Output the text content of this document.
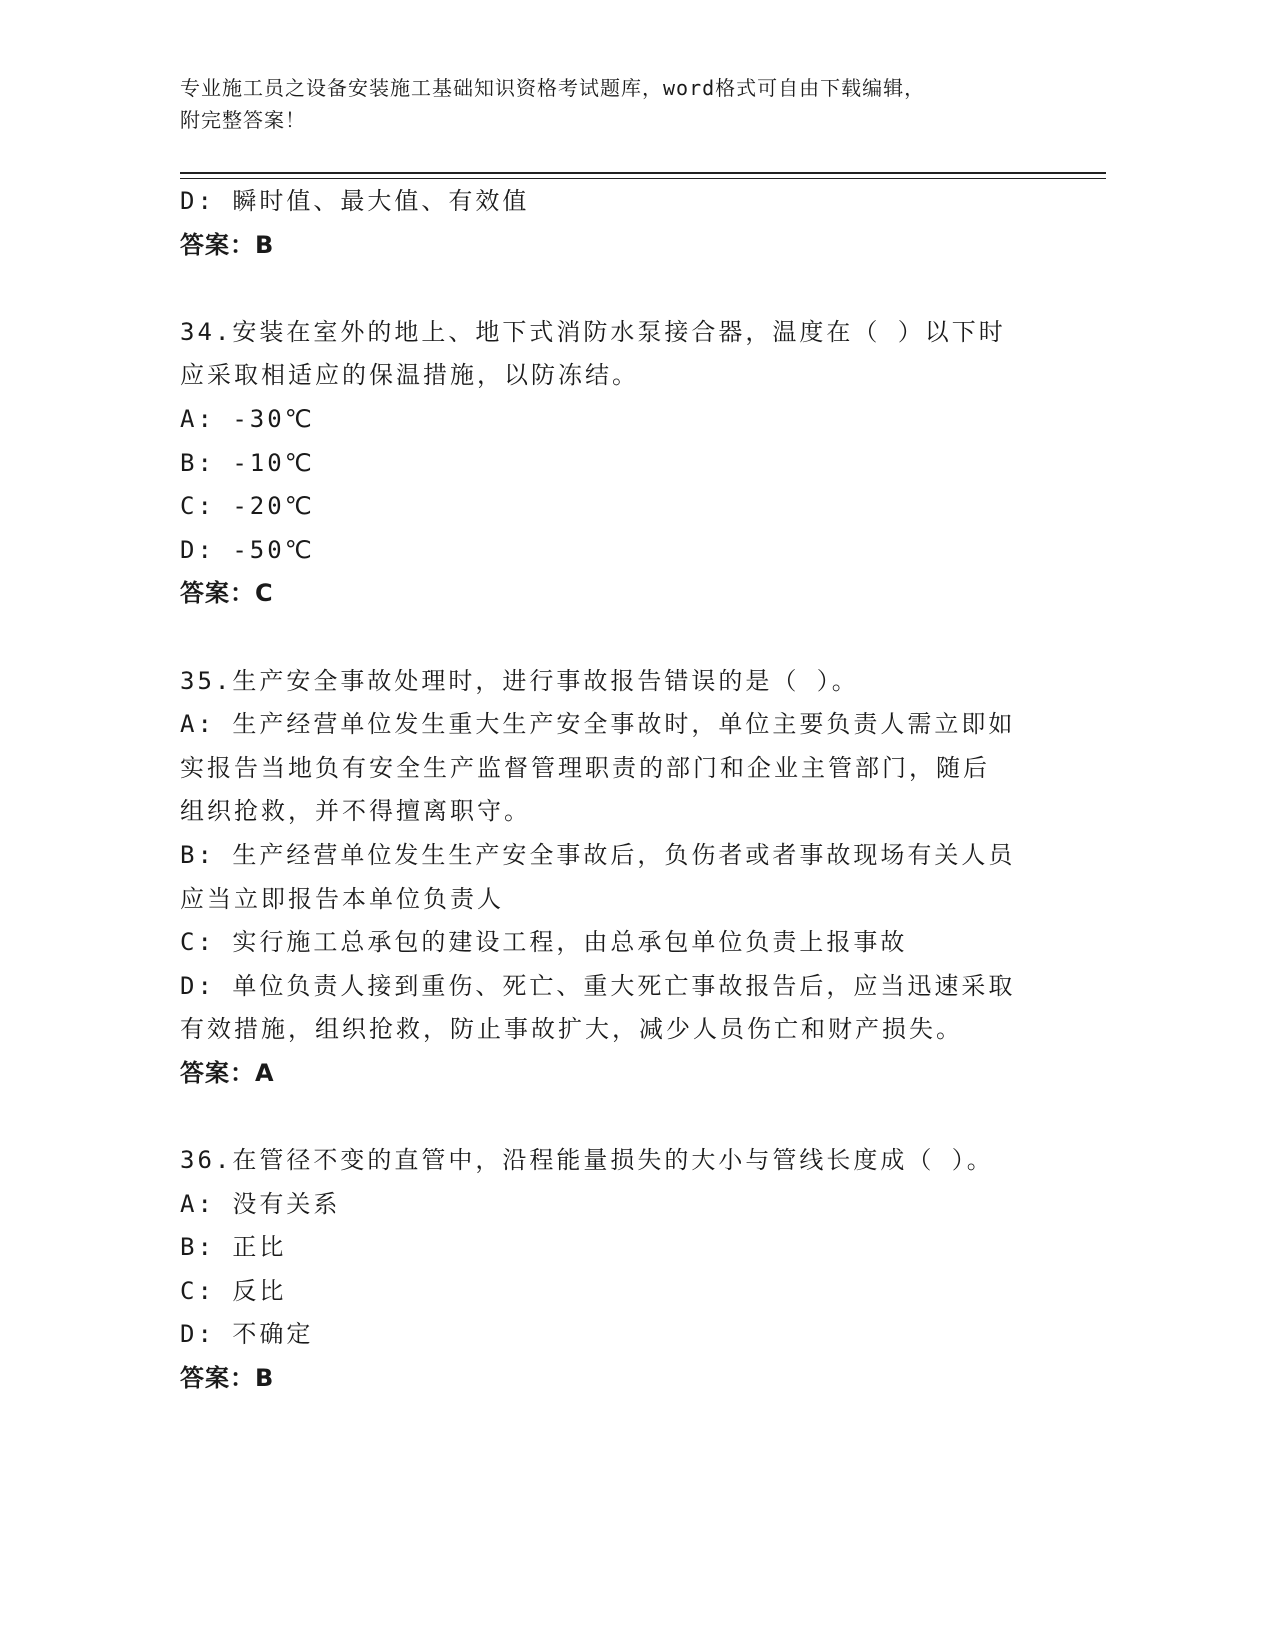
专业施工员之设备安装施工基础知识资格考试题库，word格式可自由下载编辑，
附完整答案！
D: 瞬时值、最大值、有效值
答案：B
34.安装在室外的地上、地下式消防水泵接合器，温度在（ ）以下时
应采取相适应的保温措施，以防冻结。
A: -30℃
B: -10℃
C: -20℃
D: -50℃
答案：C
35.生产安全事故处理时，进行事故报告错误的是（ ）。
A: 生产经营单位发生重大生产安全事故时，单位主要负责人需立即如
实报告当地负有安全生产监督管理职责的部门和企业主管部门，随后
组织抢救，并不得擅离职守。
B: 生产经营单位发生生产安全事故后，负伤者或者事故现场有关人员
应当立即报告本单位负责人
C: 实行施工总承包的建设工程，由总承包单位负责上报事故
D: 单位负责人接到重伤、死亡、重大死亡事故报告后，应当迅速采取
有效措施，组织抢救，防止事故扩大，减少人员伤亡和财产损失。
答案：A
36.在管径不变的直管中，沿程能量损失的大小与管线长度成（ ）。
A: 没有关系
B: 正比
C: 反比
D: 不确定
答案：B
